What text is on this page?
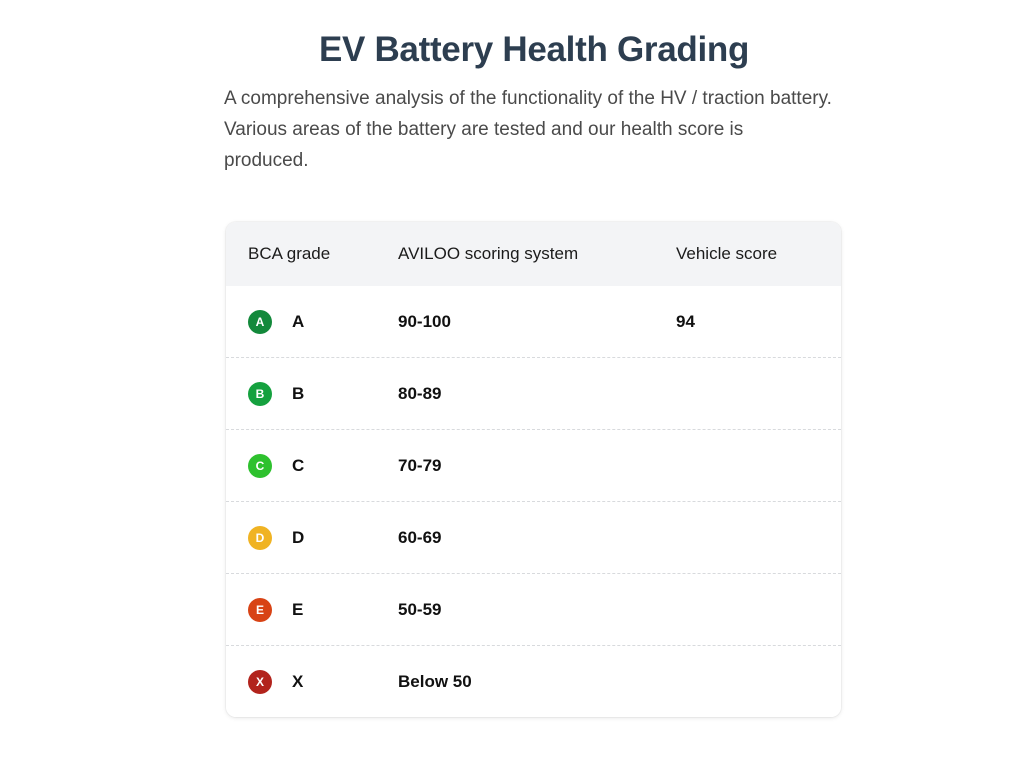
EV Battery Health Grading

A comprehensive analysis of the functionality of the HV / traction battery. Various areas of the battery are tested and our health score is produced.

BCA grade	AVILOO scoring system	Vehicle score
A	A	90-100	94
B	B	80-89
C	C	70-79
D	D	60-69
E	E	50-59
X	X	Below 50
